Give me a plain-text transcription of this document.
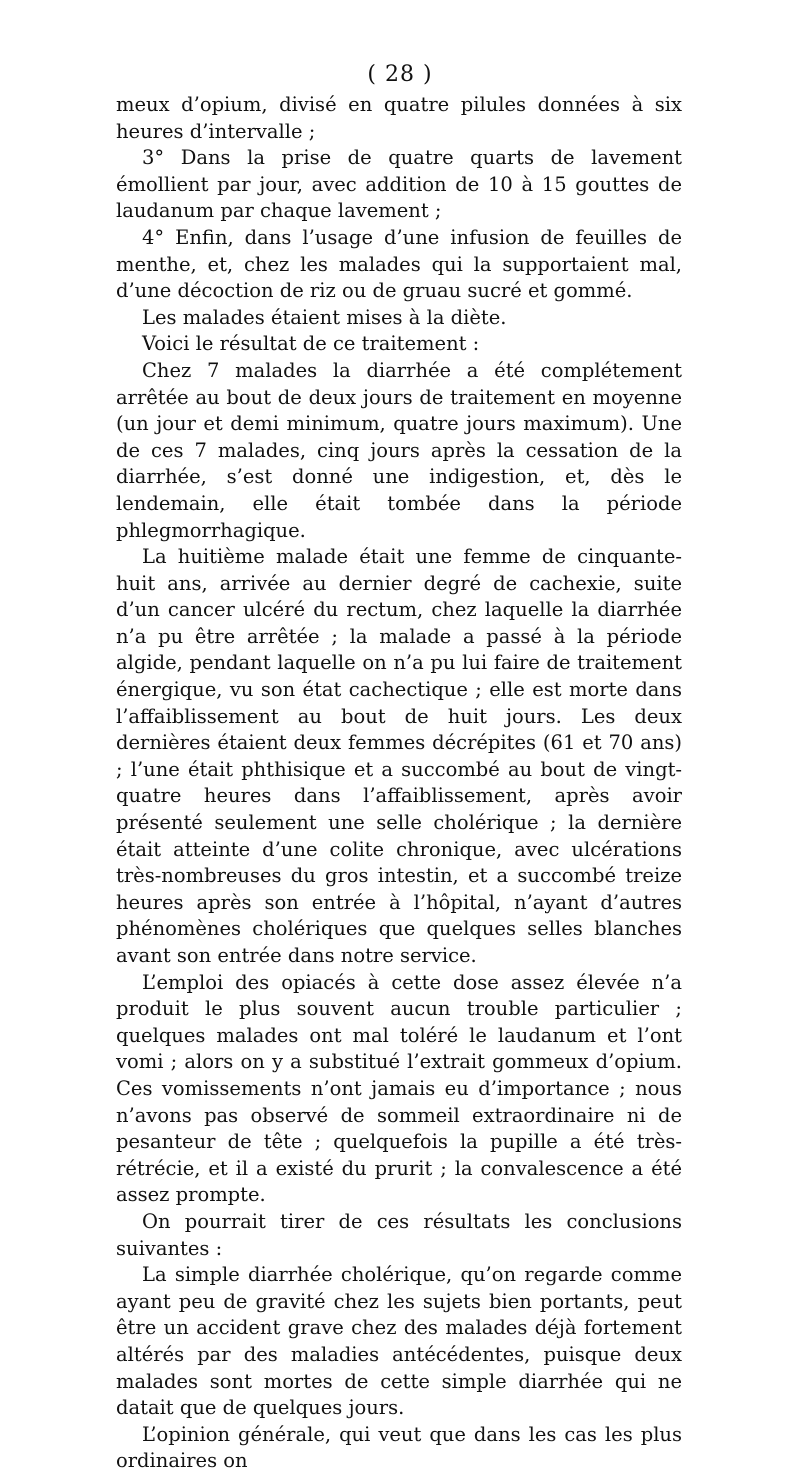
( 28 )

meux d’opium, divisé en quatre pilules données à six heures d’intervalle ;

3° Dans la prise de quatre quarts de lavement émollient par jour, avec addition de 10 à 15 gouttes de laudanum par chaque lavement ;

4° Enfin, dans l’usage d’une infusion de feuilles de menthe, et, chez les malades qui la supportaient mal, d’une décoction de riz ou de gruau sucré et gommé.

Les malades étaient mises à la diète.

Voici le résultat de ce traitement :

Chez 7 malades la diarrhée a été complétement arrêtée au bout de deux jours de traitement en moyenne (un jour et demi minimum, quatre jours maximum). Une de ces 7 malades, cinq jours après la cessation de la diarrhée, s’est donné une indigestion, et, dès le lendemain, elle était tombée dans la période phlegmorrhagique.

La huitième malade était une femme de cinquante-huit ans, arrivée au dernier degré de cachexie, suite d’un cancer ulcéré du rectum, chez laquelle la diarrhée n’a pu être arrêtée ; la malade a passé à la période algide, pendant laquelle on n’a pu lui faire de traitement énergique, vu son état cachectique ; elle est morte dans l’affaiblissement au bout de huit jours. Les deux dernières étaient deux femmes décrépites (61 et 70 ans) ; l’une était phthisique et a succombé au bout de vingt-quatre heures dans l’affaiblissement, après avoir présenté seulement une selle cholérique ; la dernière était atteinte d’une colite chronique, avec ulcérations très-nombreuses du gros intestin, et a succombé treize heures après son entrée à l’hôpital, n’ayant d’autres phénomènes cholériques que quelques selles blanches avant son entrée dans notre service.

L’emploi des opiacés à cette dose assez élevée n’a produit le plus souvent aucun trouble particulier ; quelques malades ont mal toléré le laudanum et l’ont vomi ; alors on y a substitué l’extrait gommeux d’opium. Ces vomissements n’ont jamais eu d’importance ; nous n’avons pas observé de sommeil extraordinaire ni de pesanteur de tête ; quelquefois la pupille a été très-rétrécie, et il a existé du prurit ; la convalescence a été assez prompte.

On pourrait tirer de ces résultats les conclusions suivantes :

La simple diarrhée cholérique, qu’on regarde comme ayant peu de gravité chez les sujets bien portants, peut être un accident grave chez des malades déjà fortement altérés par des maladies antécédentes, puisque deux malades sont mortes de cette simple diarrhée qui ne datait que de quelques jours.

L’opinion générale, qui veut que dans les cas les plus ordinaires on
